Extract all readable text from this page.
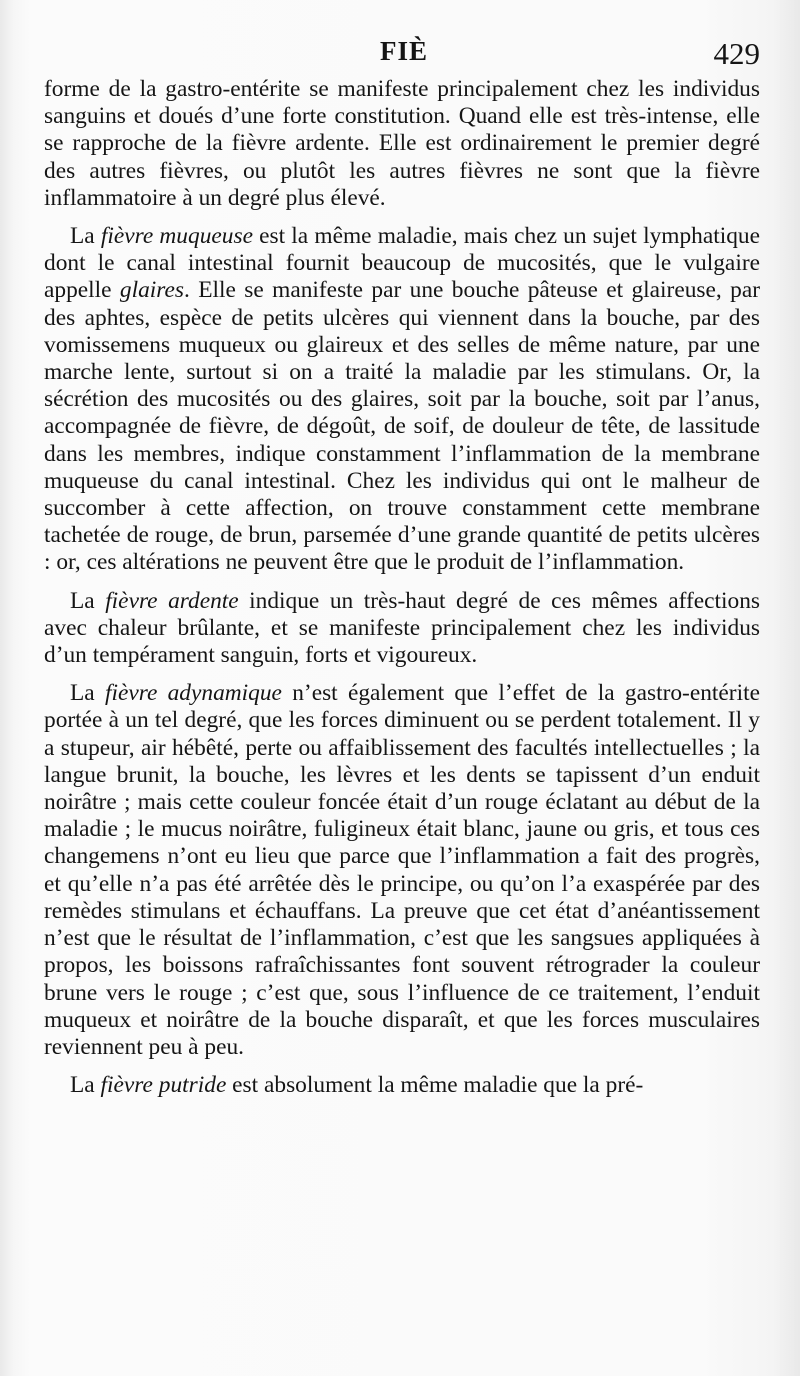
FIÈ	429

forme de la gastro-entérite se manifeste principalement chez les individus sanguins et doués d’une forte constitution. Quand elle est très-intense, elle se rapproche de la fièvre ardente. Elle est ordinairement le premier degré des autres fièvres, ou plutôt les autres fièvres ne sont que la fièvre inflammatoire à un degré plus élevé.

La fièvre muqueuse est la même maladie, mais chez un sujet lymphatique dont le canal intestinal fournit beaucoup de mucosités, que le vulgaire appelle glaires. Elle se manifeste par une bouche pâteuse et glaireuse, par des aphtes, espèce de petits ulcères qui viennent dans la bouche, par des vomissemens muqueux ou glaireux et des selles de même nature, par une marche lente, surtout si on a traité la maladie par les stimulans. Or, la sécrétion des mucosités ou des glaires, soit par la bouche, soit par l’anus, accompagnée de fièvre, de dégoût, de soif, de douleur de tête, de lassitude dans les membres, indique constamment l’inflammation de la membrane muqueuse du canal intestinal. Chez les individus qui ont le malheur de succomber à cette affection, on trouve constamment cette membrane tachetée de rouge, de brun, parsemée d’une grande quantité de petits ulcères : or, ces altérations ne peuvent être que le produit de l’inflammation.

La fièvre ardente indique un très-haut degré de ces mêmes affections avec chaleur brûlante, et se manifeste principalement chez les individus d’un tempérament sanguin, forts et vigoureux.

La fièvre adynamique n’est également que l’effet de la gastro-entérite portée à un tel degré, que les forces diminuent ou se perdent totalement. Il y a stupeur, air hébêté, perte ou affaiblissement des facultés intellectuelles ; la langue brunit, la bouche, les lèvres et les dents se tapissent d’un enduit noirâtre ; mais cette couleur foncée était d’un rouge éclatant au début de la maladie ; le mucus noirâtre, fuligineux était blanc, jaune ou gris, et tous ces changemens n’ont eu lieu que parce que l’inflammation a fait des progrès, et qu’elle n’a pas été arrêtée dès le principe, ou qu’on l’a exaspérée par des remèdes stimulans et échauffans. La preuve que cet état d’anéantissement n’est que le résultat de l’inflammation, c’est que les sangsues appliquées à propos, les boissons rafraîchissantes font souvent rétrograder la couleur brune vers le rouge ; c’est que, sous l’influence de ce traitement, l’enduit muqueux et noirâtre de la bouche disparaît, et que les forces musculaires reviennent peu à peu.

La fièvre putride est absolument la même maladie que la pré-
